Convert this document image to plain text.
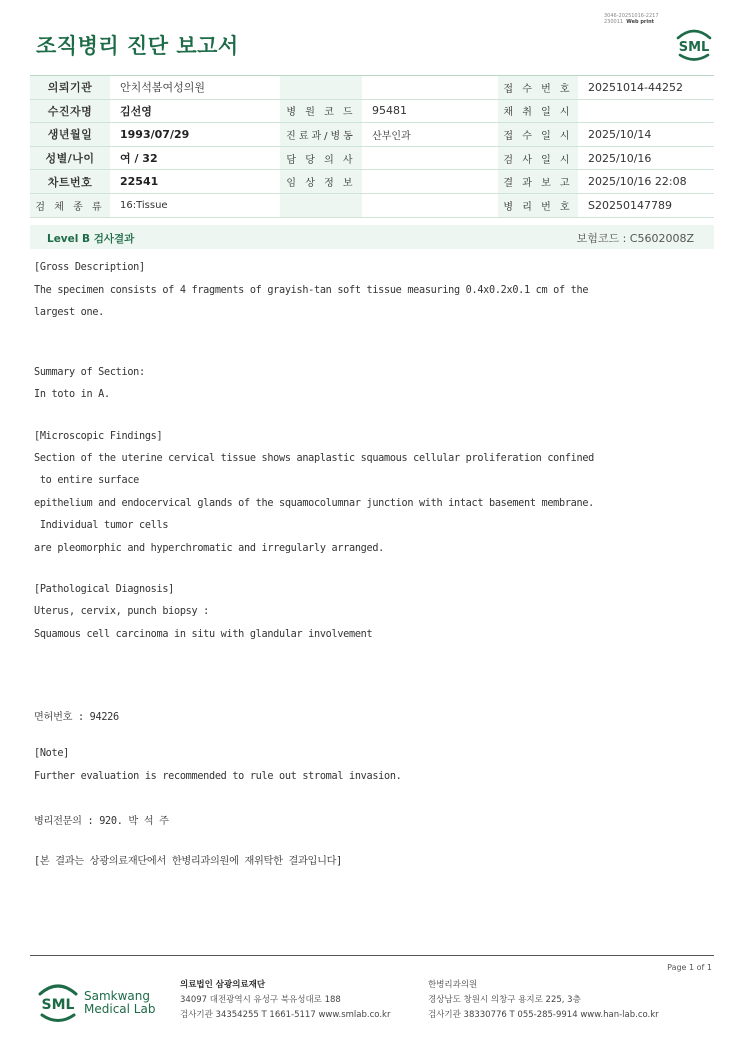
조직병리 진단 보고서
3046-20251016-2217
230011 Web print
SML
의뢰기관	안치석봄여성의원			접 수 번 호	20251014-44252
수진자명	김선영	병 원 코 드	95481	채 취 일 시	
생년월일	1993/07/29	진료과/병동	산부인과	접 수 일 시	2025/10/14
성별/나이	여 / 32	담 당 의 사		검 사 일 시	2025/10/16
차트번호	22541	임 상 정 보		결 과 보 고	2025/10/16 22:08
검 체 종 류	16:Tissue			병 리 번 호	S20250147789
Level B 검사결과	보험코드 : C5602008Z
[Gross Description]
The specimen consists of 4 fragments of grayish-tan soft tissue measuring 0.4x0.2x0.1 cm of the
largest one.
Summary of Section:
In toto in A.
[Microscopic Findings]
Section of the uterine cervical tissue shows anaplastic squamous cellular proliferation confined
to entire surface
epithelium and endocervical glands of the squamocolumnar junction with intact basement membrane.
Individual tumor cells
are pleomorphic and hyperchromatic and irregularly arranged.
[Pathological Diagnosis]
Uterus, cervix, punch biopsy :
Squamous cell carcinoma in situ with glandular involvement
면허번호 : 94226
[Note]
Further evaluation is recommended to rule out stromal invasion.
병리전문의 : 920. 박 석 주
[본 결과는 상광의료재단에서 한병리과의원에 재위탁한 결과입니다]
Page 1 of 1
SML
Samkwang
Medical Lab
의료법인 삼광의료재단
34097 대전광역시 유성구 북유성대로 188
검사기관 34354255 T 1661-5117 www.smlab.co.kr
한병리과의원
경상남도 창원시 의창구 용지로 225, 3층
검사기관 38330776 T 055-285-9914 www.han-lab.co.kr
